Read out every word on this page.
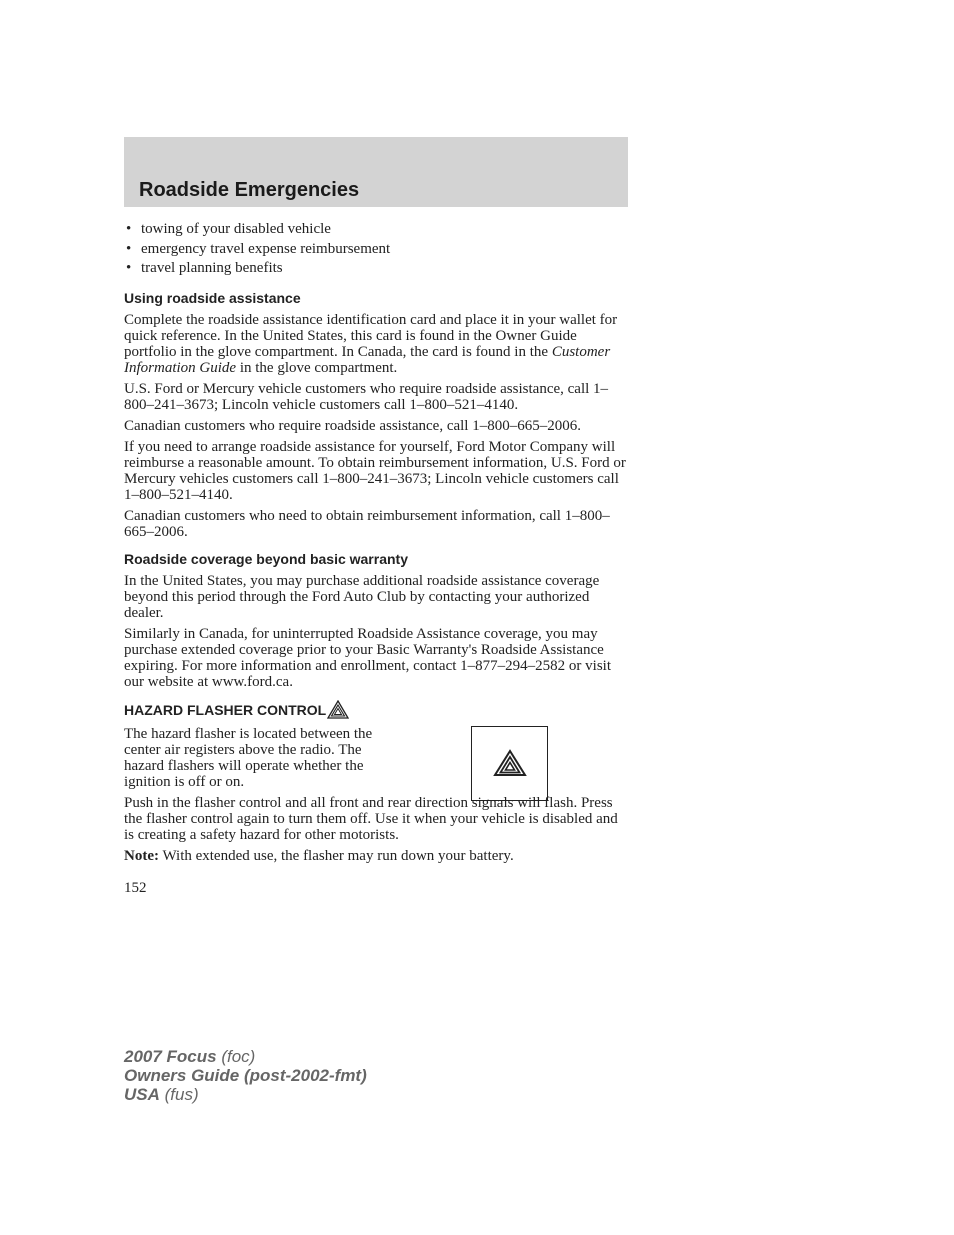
Roadside Emergencies
• towing of your disabled vehicle
• emergency travel expense reimbursement
• travel planning benefits
Using roadside assistance

Complete the roadside assistance identification card and place it in your wallet for quick reference. In the United States, this card is found in the Owner Guide portfolio in the glove compartment. In Canada, the card is found in the Customer Information Guide in the glove compartment.

U.S. Ford or Mercury vehicle customers who require roadside assistance, call 1–800–241–3673; Lincoln vehicle customers call 1–800–521–4140.

Canadian customers who require roadside assistance, call 1–800–665–2006.

If you need to arrange roadside assistance for yourself, Ford Motor Company will reimburse a reasonable amount. To obtain reimbursement information, U.S. Ford or Mercury vehicles customers call 1–800–241–3673; Lincoln vehicle customers call 1–800–521–4140.

Canadian customers who need to obtain reimbursement information, call 1–800–665–2006.

Roadside coverage beyond basic warranty

In the United States, you may purchase additional roadside assistance coverage beyond this period through the Ford Auto Club by contacting your authorized dealer.

Similarly in Canada, for uninterrupted Roadside Assistance coverage, you may purchase extended coverage prior to your Basic Warranty's Roadside Assistance expiring. For more information and enrollment, contact 1–877–294–2582 or visit our website at www.ford.ca.

HAZARD FLASHER CONTROL

The hazard flasher is located between the center air registers above the radio. The hazard flashers will operate whether the ignition is off or on.

Push in the flasher control and all front and rear direction signals will flash. Press the flasher control again to turn them off. Use it when your vehicle is disabled and is creating a safety hazard for other motorists.

Note: With extended use, the flasher may run down your battery.

152
2007 Focus (foc)
Owners Guide (post-2002-fmt)
USA (fus)
